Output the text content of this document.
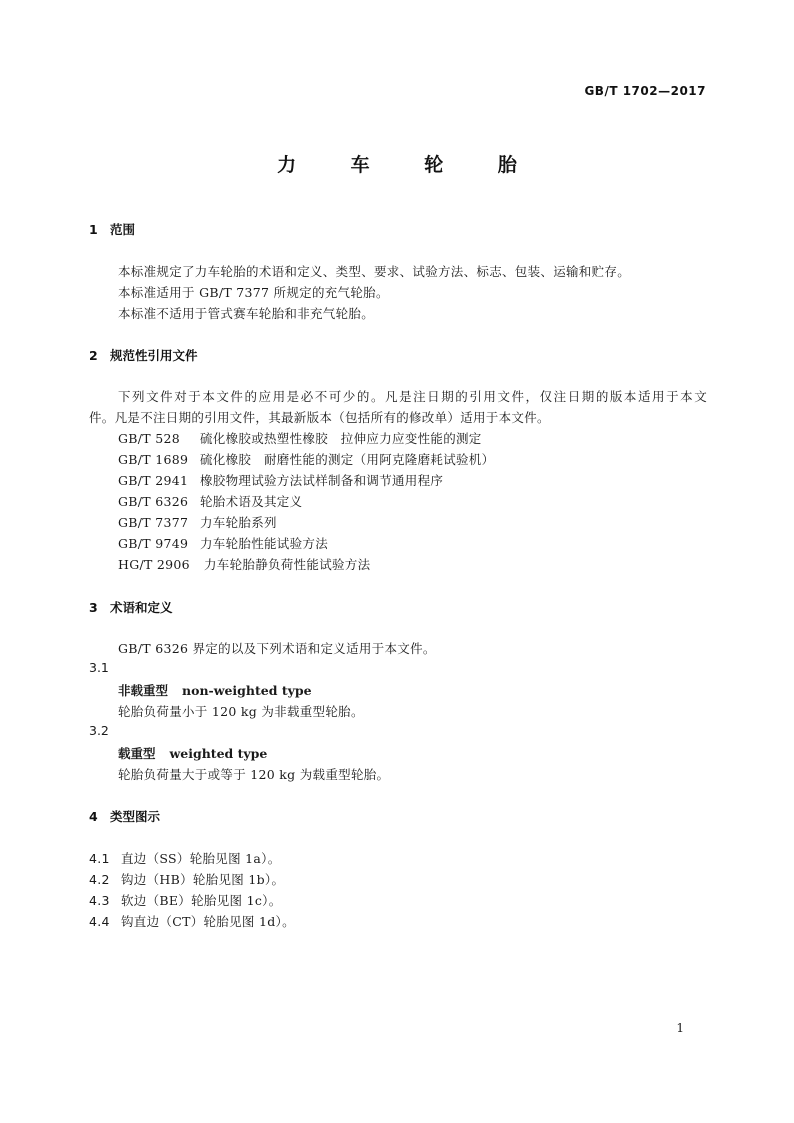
GB/T 1702—2017
力 车 轮 胎
1 范围
本标准规定了力车轮胎的术语和定义、类型、要求、试验方法、标志、包装、运输和贮存。
本标准适用于 GB/T 7377 所规定的充气轮胎。
本标准不适用于管式赛车轮胎和非充气轮胎。
2 规范性引用文件
下列文件对于本文件的应用是必不可少的。凡是注日期的引用文件，仅注日期的版本适用于本文
件。凡是不注日期的引用文件，其最新版本（包括所有的修改单）适用于本文件。
GB/T 528 硫化橡胶或热塑性橡胶　拉伸应力应变性能的测定
GB/T 1689 硫化橡胶　耐磨性能的测定（用阿克隆磨耗试验机）
GB/T 2941 橡胶物理试验方法试样制备和调节通用程序
GB/T 6326 轮胎术语及其定义
GB/T 7377 力车轮胎系列
GB/T 9749 力车轮胎性能试验方法
HG/T 2906 力车轮胎静负荷性能试验方法
3 术语和定义
GB/T 6326 界定的以及下列术语和定义适用于本文件。
3.1
非载重型 non-weighted type
轮胎负荷量小于 120 kg 为非载重型轮胎。
3.2
载重型 weighted type
轮胎负荷量大于或等于 120 kg 为载重型轮胎。
4 类型图示
4.1 直边（SS）轮胎见图 1a）。
4.2 钩边（HB）轮胎见图 1b）。
4.3 软边（BE）轮胎见图 1c）。
4.4 钩直边（CT）轮胎见图 1d）。
1
